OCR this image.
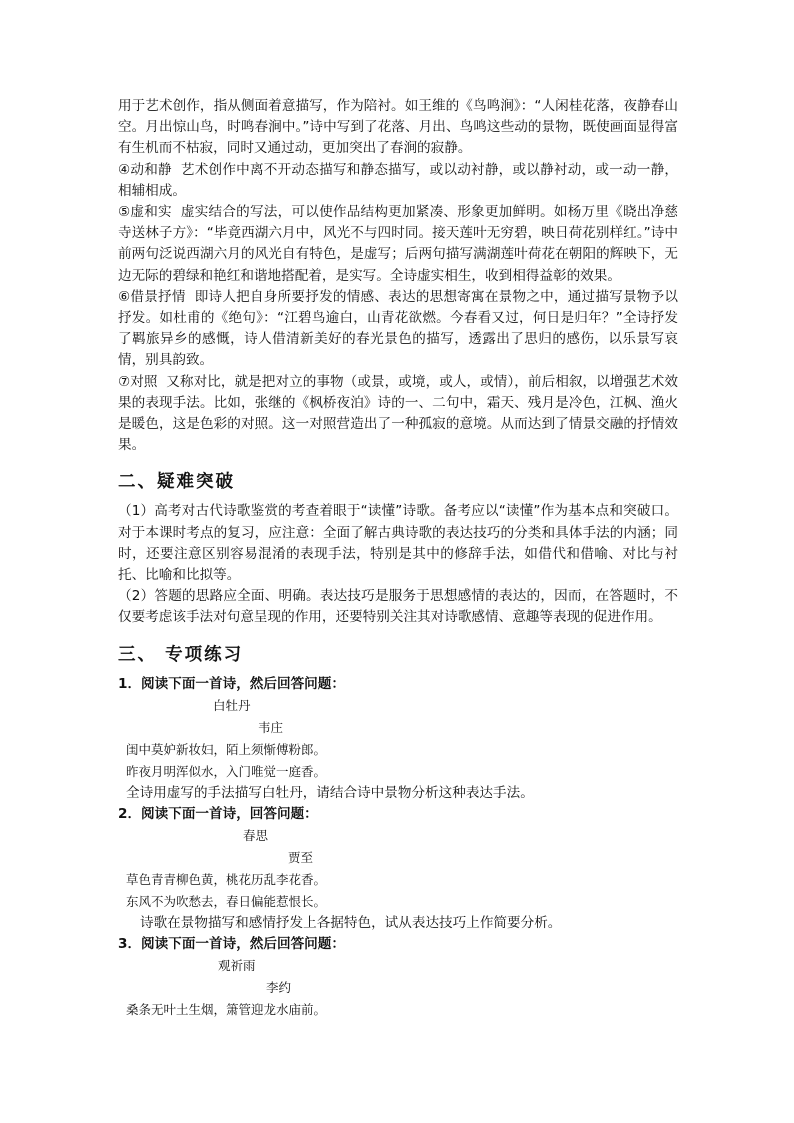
用于艺术创作，指从侧面着意描写，作为陪衬。如王维的《鸟鸣涧》：“人闲桂花落，夜静春山空。月出惊山鸟，时鸣春涧中。”诗中写到了花落、月出、鸟鸣这些动的景物，既使画面显得富有生机而不枯寂，同时又通过动，更加突出了春涧的寂静。

④动和静  艺术创作中离不开动态描写和静态描写，或以动衬静，或以静衬动，或一动一静，相辅相成。

⑤虚和实  虚实结合的写法，可以使作品结构更加紧凑、形象更加鲜明。如杨万里《晓出净慈寺送林子方》：“毕竟西湖六月中，风光不与四时同。接天莲叶无穷碧，映日荷花别样红。”诗中前两句泛说西湖六月的风光自有特色，是虚写；后两句描写满湖莲叶荷花在朝阳的辉映下，无边无际的碧绿和艳红和谐地搭配着，是实写。全诗虚实相生，收到相得益彰的效果。

⑥借景抒情  即诗人把自身所要抒发的情感、表达的思想寄寓在景物之中，通过描写景物予以抒发。如杜甫的《绝句》：“江碧鸟逾白，山青花欲燃。今春看又过，何日是归年？”全诗抒发了羁旅异乡的感慨，诗人借清新美好的春光景色的描写，透露出了思归的感伤，以乐景写哀情，别具韵致。

⑦对照  又称对比，就是把对立的事物（或景，或境，或人，或情），前后相叙，以增强艺术效果的表现手法。比如，张继的《枫桥夜泊》诗的一、二句中，霜天、残月是冷色，江枫、渔火是暖色，这是色彩的对照。这一对照营造出了一种孤寂的意境。从而达到了情景交融的抒情效果。

二、疑难突破

（1）高考对古代诗歌鉴赏的考查着眼于“读懂”诗歌。备考应以“读懂”作为基本点和突破口。对于本课时考点的复习，应注意：全面了解古典诗歌的表达技巧的分类和具体手法的内涵；同时，还要注意区别容易混淆的表现手法，特别是其中的修辞手法，如借代和借喻、对比与衬托、比喻和比拟等。

（2）答题的思路应全面、明确。表达技巧是服务于思想感情的表达的，因而，在答题时，不仅要考虑该手法对句意呈现的作用，还要特别关注其对诗歌感情、意趣等表现的促进作用。

三、 专项练习

1．阅读下面一首诗，然后回答问题：

白牡丹

韦庄

闺中莫妒新妆妇，陌上须惭傅粉郎。

昨夜月明浑似水，入门唯觉一庭香。

全诗用虚写的手法描写白牡丹，请结合诗中景物分析这种表达手法。

2．阅读下面一首诗，回答问题：

春思

贾至

草色青青柳色黄，桃花历乱李花香。

东风不为吹愁去，春日偏能惹恨长。

诗歌在景物描写和感情抒发上各据特色，试从表达技巧上作简要分析。

3．阅读下面一首诗，然后回答问题：

观祈雨

李约

桑条无叶土生烟，箫管迎龙水庙前。
